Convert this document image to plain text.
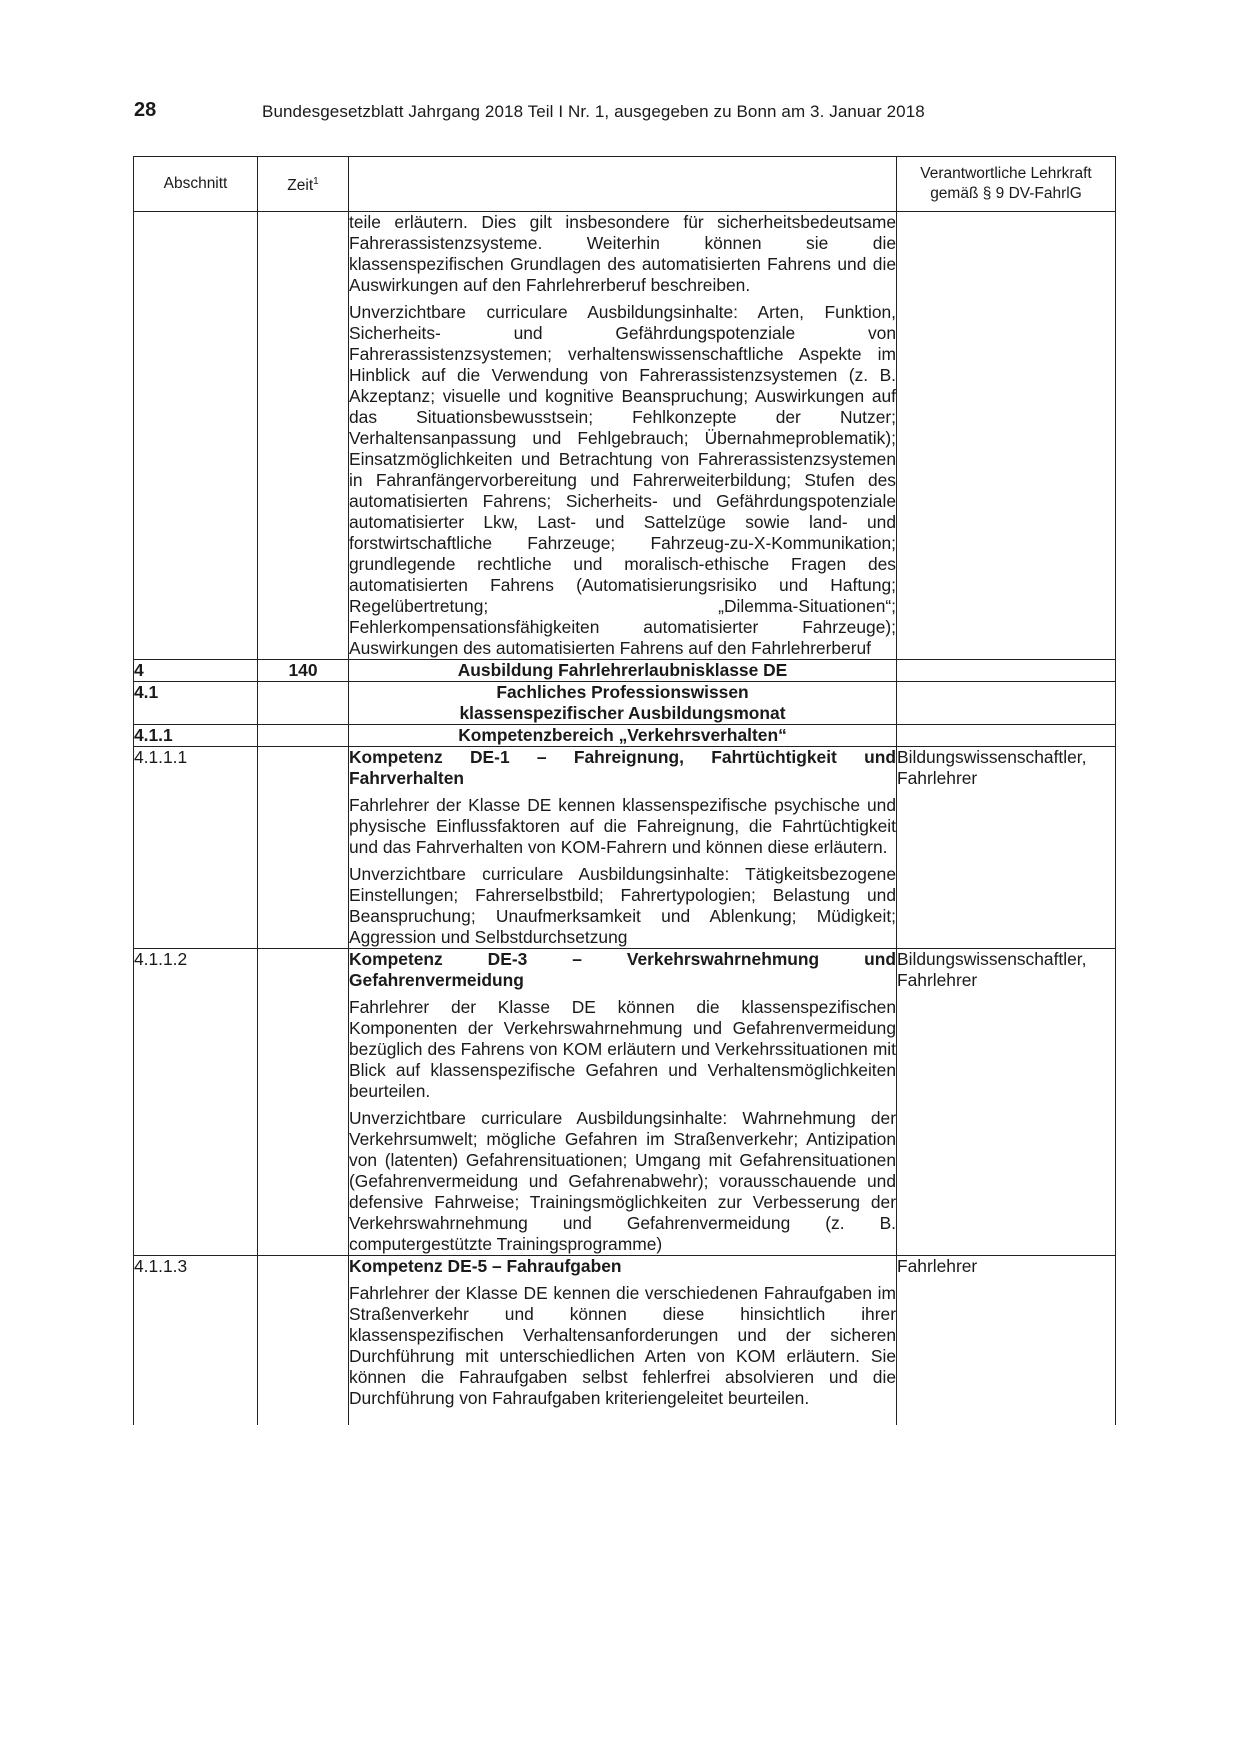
28	Bundesgesetzblatt Jahrgang 2018 Teil I Nr. 1, ausgegeben zu Bonn am 3. Januar 2018
Abschnitt	Zeit$^1$		Verantwortliche Lehrkraft gemäß § 9 DV-FahrlG

		teile erläutern. Dies gilt insbesondere für sicherheitsbedeutsame Fahrerassistenzsysteme. Weiterhin können sie die klassenspezifischen Grundlagen des automatisierten Fahrens und die Auswirkungen auf den Fahrlehrerberuf beschreiben.

Unverzichtbare curriculare Ausbildungsinhalte: Arten, Funktion, Sicherheits- und Gefährdungspotenziale von Fahrerassistenzsystemen; verhaltenswissenschaftliche Aspekte im Hinblick auf die Verwendung von Fahrerassistenzsystemen (z. B. Akzeptanz; visuelle und kognitive Beanspruchung; Auswirkungen auf das Situationsbewusstsein; Fehlkonzepte der Nutzer; Verhaltensanpassung und Fehlgebrauch; Übernahmeproblematik); Einsatzmöglichkeiten und Betrachtung von Fahrerassistenzsystemen in Fahranfängervorbereitung und Fahrerweiterbildung; Stufen des automatisierten Fahrens; Sicherheits- und Gefährdungspotenziale automatisierter Lkw, Last- und Sattelzüge sowie land- und forstwirtschaftliche Fahrzeuge; Fahrzeug-zu-X-Kommunikation; grundlegende rechtliche und moralisch-ethische Fragen des automatisierten Fahrens (Automatisierungsrisiko und Haftung; Regelübertretung; „Dilemma-Situationen“; Fehlerkompensationsfähigkeiten automatisierter Fahrzeuge); Auswirkungen des automatisierten Fahrens auf den Fahrlehrerberuf	

4	140	Ausbildung Fahrlehrerlaubnisklasse DE	
4.1		Fachliches Professionswissen
klassenspezifischer Ausbildungsmonat	

4.1.1		Kompetenzbereich „Verkehrsverhalten“	
4.1.1.1		Kompetenz DE-1 – Fahreignung, Fahrtüchtigkeit und Fahrverhalten

Fahrlehrer der Klasse DE kennen klassenspezifische psychische und physische Einflussfaktoren auf die Fahreignung, die Fahrtüchtigkeit und das Fahrverhalten von KOM-Fahrern und können diese erläutern.

Unverzichtbare curriculare Ausbildungsinhalte: Tätigkeitsbezogene Einstellungen; Fahrerselbstbild; Fahrertypologien; Belastung und Beanspruchung; Unaufmerksamkeit und Ablenkung; Müdigkeit; Aggression und Selbstdurchsetzung	Bildungswissenschaftler, Fahrlehrer
4.1.1.2		Kompetenz DE-3 – Verkehrswahrnehmung und Gefahrenvermeidung

Fahrlehrer der Klasse DE können die klassenspezifischen Komponenten der Verkehrswahrnehmung und Gefahrenvermeidung bezüglich des Fahrens von KOM erläutern und Verkehrssituationen mit Blick auf klassenspezifische Gefahren und Verhaltensmöglichkeiten beurteilen.

Unverzichtbare curriculare Ausbildungsinhalte: Wahrnehmung der Verkehrsumwelt; mögliche Gefahren im Straßenverkehr; Antizipation von (latenten) Gefahrensituationen; Umgang mit Gefahrensituationen (Gefahrenvermeidung und Gefahrenabwehr); vorausschauende und defensive Fahrweise; Trainingsmöglichkeiten zur Verbesserung der Verkehrswahrnehmung und Gefahrenvermeidung (z. B. computergestützte Trainingsprogramme)	Bildungswissenschaftler, Fahrlehrer
4.1.1.3		Kompetenz DE-5 – Fahraufgaben

Fahrlehrer der Klasse DE kennen die verschiedenen Fahraufgaben im Straßenverkehr und können diese hinsichtlich ihrer klassenspezifischen Verhaltensanforderungen und der sicheren Durchführung mit unterschiedlichen Arten von KOM erläutern. Sie können die Fahraufgaben selbst fehlerfrei absolvieren und die Durchführung von Fahraufgaben kriteriengeleitet beurteilen.	Fahrlehrer
